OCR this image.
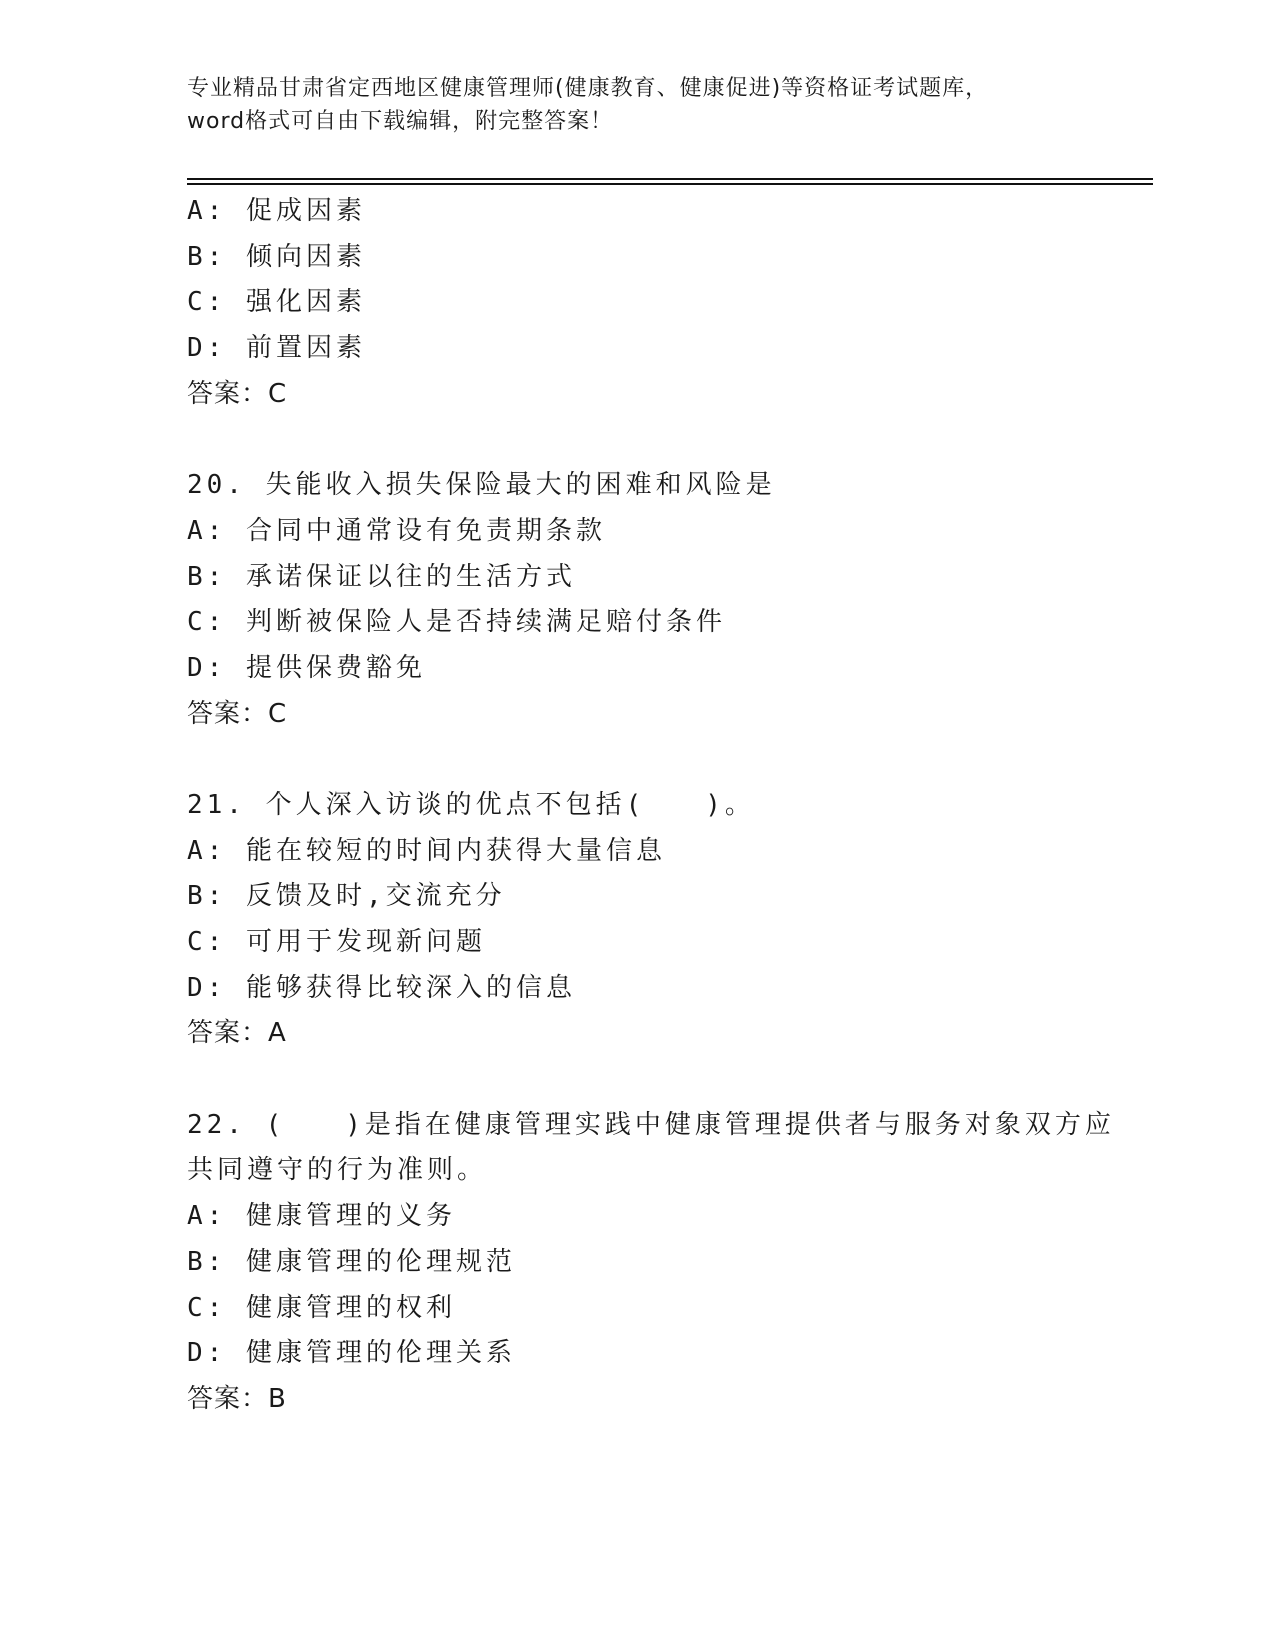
专业精品甘肃省定西地区健康管理师(健康教育、健康促进)等资格证考试题库，
word格式可自由下载编辑，附完整答案！
A: 促成因素
B: 倾向因素
C: 强化因素
D: 前置因素
答案：C
20. 失能收入损失保险最大的困难和风险是
A: 合同中通常设有免责期条款
B: 承诺保证以往的生活方式
C: 判断被保险人是否持续满足赔付条件
D: 提供保费豁免
答案：C
21. 个人深入访谈的优点不包括(　　)。
A: 能在较短的时间内获得大量信息
B: 反馈及时,交流充分
C: 可用于发现新问题
D: 能够获得比较深入的信息
答案：A
22. (　　)是指在健康管理实践中健康管理提供者与服务对象双方应
共同遵守的行为准则。
A: 健康管理的义务
B: 健康管理的伦理规范
C: 健康管理的权利
D: 健康管理的伦理关系
答案：B
